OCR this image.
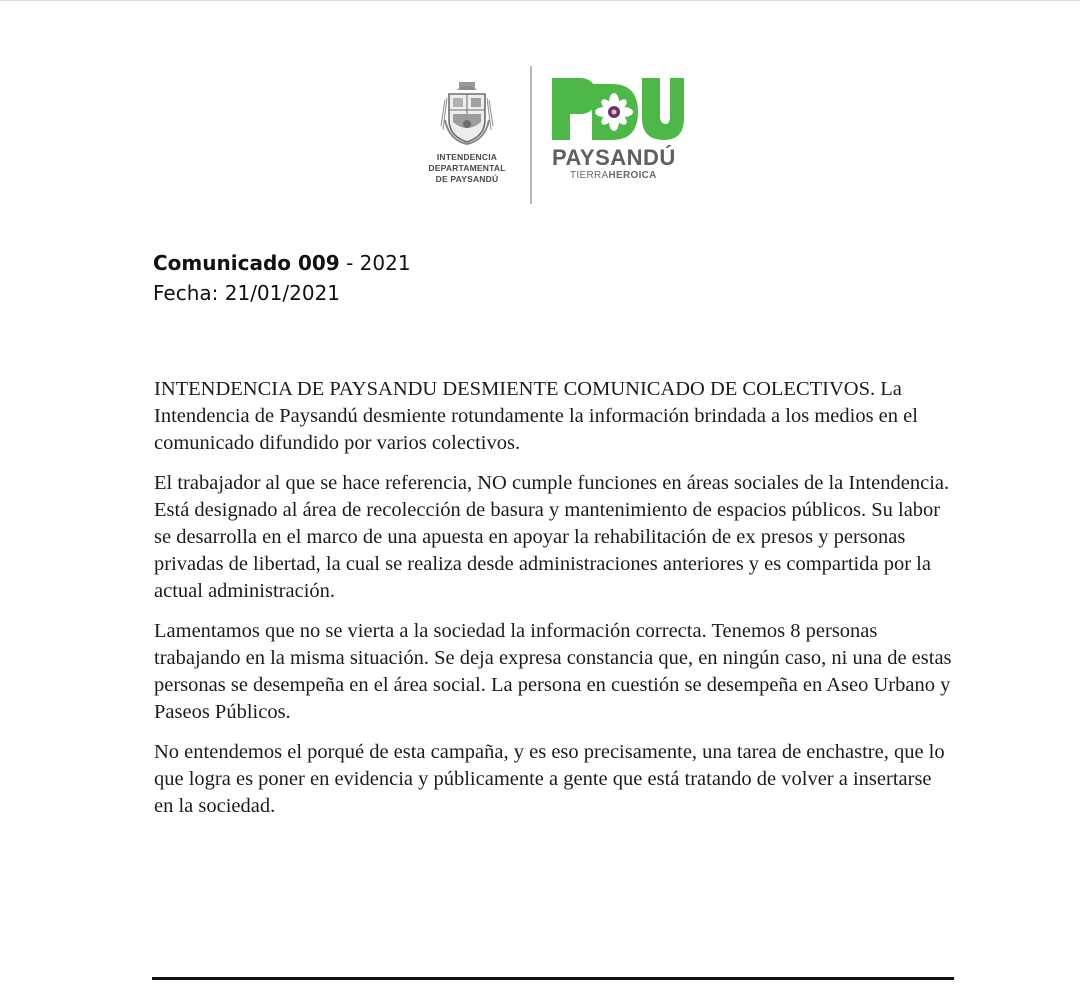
INTENDENCIA
DEPARTAMENTAL
DE PAYSANDÚ
PAYSANDÚ
TIERRAHEROICA
Comunicado 009 - 2021
Fecha: 21/01/2021

INTENDENCIA DE PAYSANDU DESMIENTE COMUNICADO DE COLECTIVOS. La Intendencia de Paysandú desmiente rotundamente la información brindada a los medios en el comunicado difundido por varios colectivos.

El trabajador al que se hace referencia, NO cumple funciones en áreas sociales de la Intendencia. Está designado al área de recolección de basura y mantenimiento de espacios públicos. Su labor se desarrolla en el marco de una apuesta en apoyar la rehabilitación de ex presos y personas privadas de libertad, la cual se realiza desde administraciones anteriores y es compartida por la actual administración.

Lamentamos que no se vierta a la sociedad la información correcta. Tenemos 8 personas trabajando en la misma situación. Se deja expresa constancia que, en ningún caso, ni una de estas personas se desempeña en el área social. La persona en cuestión se desempeña en Aseo Urbano y Paseos Públicos.

No entendemos el porqué de esta campaña, y es eso precisamente, una tarea de enchastre, que lo que logra es poner en evidencia y públicamente a gente que está tratando de volver a insertarse en la sociedad.
